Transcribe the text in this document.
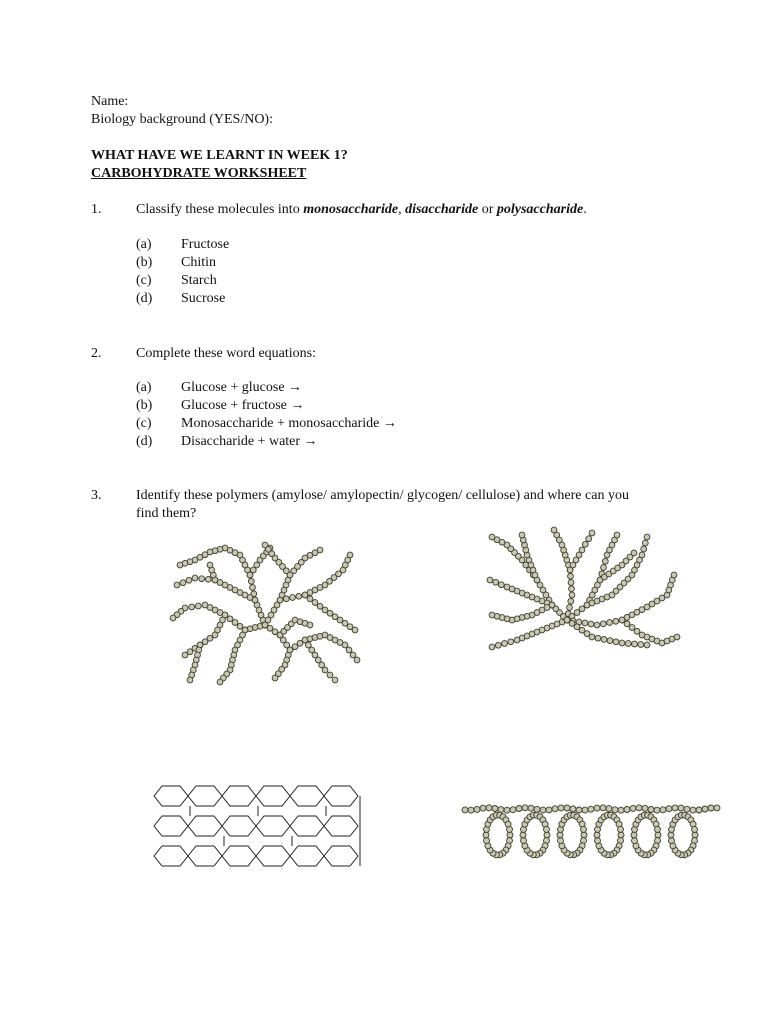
Name:
Biology background (YES/NO):
WHAT HAVE WE LEARNT IN WEEK 1?
CARBOHYDRATE WORKSHEET
1. Classify these molecules into monosaccharide, disaccharide or polysaccharide.
(a) Fructose
(b) Chitin
(c) Starch
(d) Sucrose
2. Complete these word equations:
(a) Glucose + glucose →
(b) Glucose + fructose →
(c) Monosaccharide + monosaccharide →
(d) Disaccharide + water →
3. Identify these polymers (amylose/ amylopectin/ glycogen/ cellulose) and where can you
find them?
